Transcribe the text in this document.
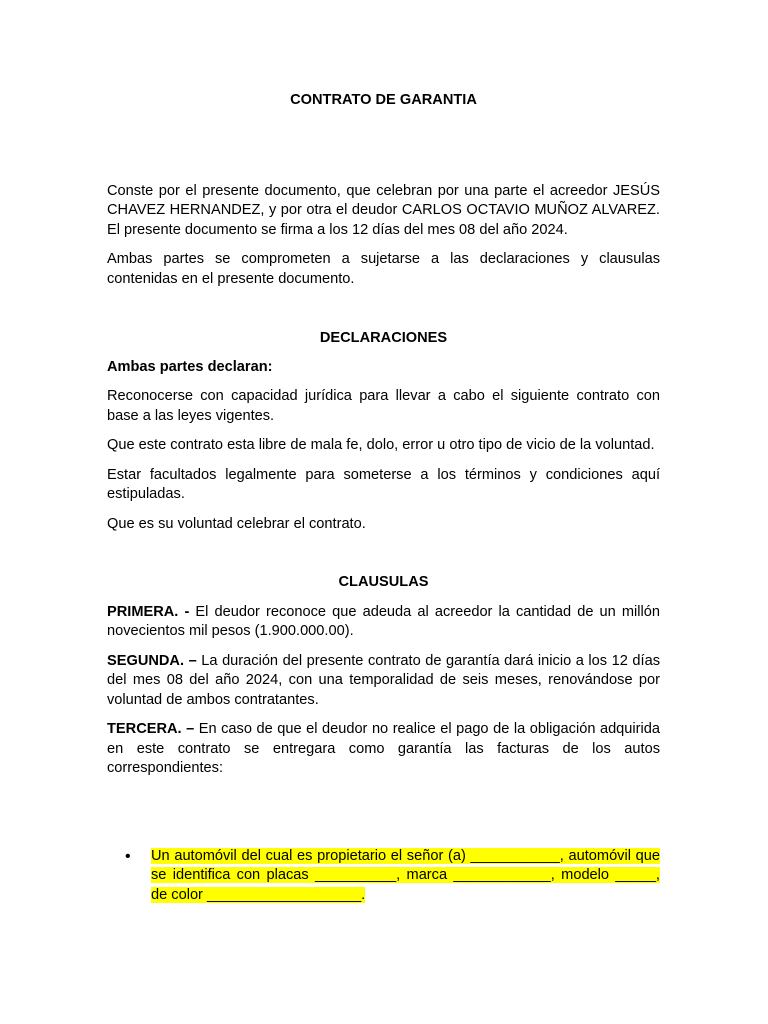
CONTRATO DE GARANTIA

Conste por el presente documento, que celebran por una parte el acreedor JESÚS CHAVEZ HERNANDEZ, y por otra el deudor CARLOS OCTAVIO MUÑOZ ALVAREZ. El presente documento se firma a los 12 días del mes 08 del año 2024.

Ambas partes se comprometen a sujetarse a las declaraciones y clausulas contenidas en el presente documento.

DECLARACIONES

Ambas partes declaran:

Reconocerse con capacidad jurídica para llevar a cabo el siguiente contrato con base a las leyes vigentes.

Que este contrato esta libre de mala fe, dolo, error u otro tipo de vicio de la voluntad.

Estar facultados legalmente para someterse a los términos y condiciones aquí estipuladas.

Que es su voluntad celebrar el contrato.

CLAUSULAS

PRIMERA. - El deudor reconoce que adeuda al acreedor la cantidad de un millón novecientos mil pesos (1.900.000.00).

SEGUNDA. – La duración del presente contrato de garantía dará inicio a los 12 días del mes 08 del año 2024, con una temporalidad de seis meses, renovándose por voluntad de ambos contratantes.

TERCERA. – En caso de que el deudor no realice el pago de la obligación adquirida en este contrato se entregara como garantía las facturas de los autos correspondientes:

• Un automóvil del cual es propietario el señor (a) ___________, automóvil que se identifica con placas __________, marca ____________, modelo _____, de color ___________________.
